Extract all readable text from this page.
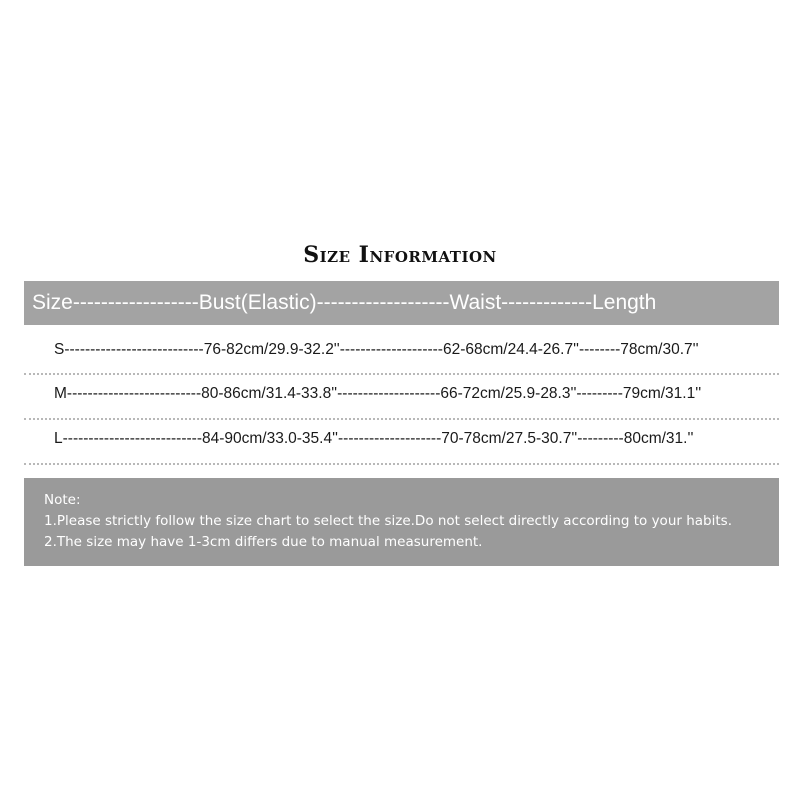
Size Information
Size------------------Bust(Elastic)-------------------Waist-------------Length
S---------------------------76-82cm/29.9-32.2''--------------------62-68cm/24.4-26.7''--------78cm/30.7''
M--------------------------80-86cm/31.4-33.8''--------------------66-72cm/25.9-28.3''---------79cm/31.1''
L---------------------------84-90cm/33.0-35.4''--------------------70-78cm/27.5-30.7''---------80cm/31.''
Note:
1.Please strictly follow the size chart to select the size.Do not select directly according to your habits.
2.The size may have 1-3cm differs due to manual measurement.
